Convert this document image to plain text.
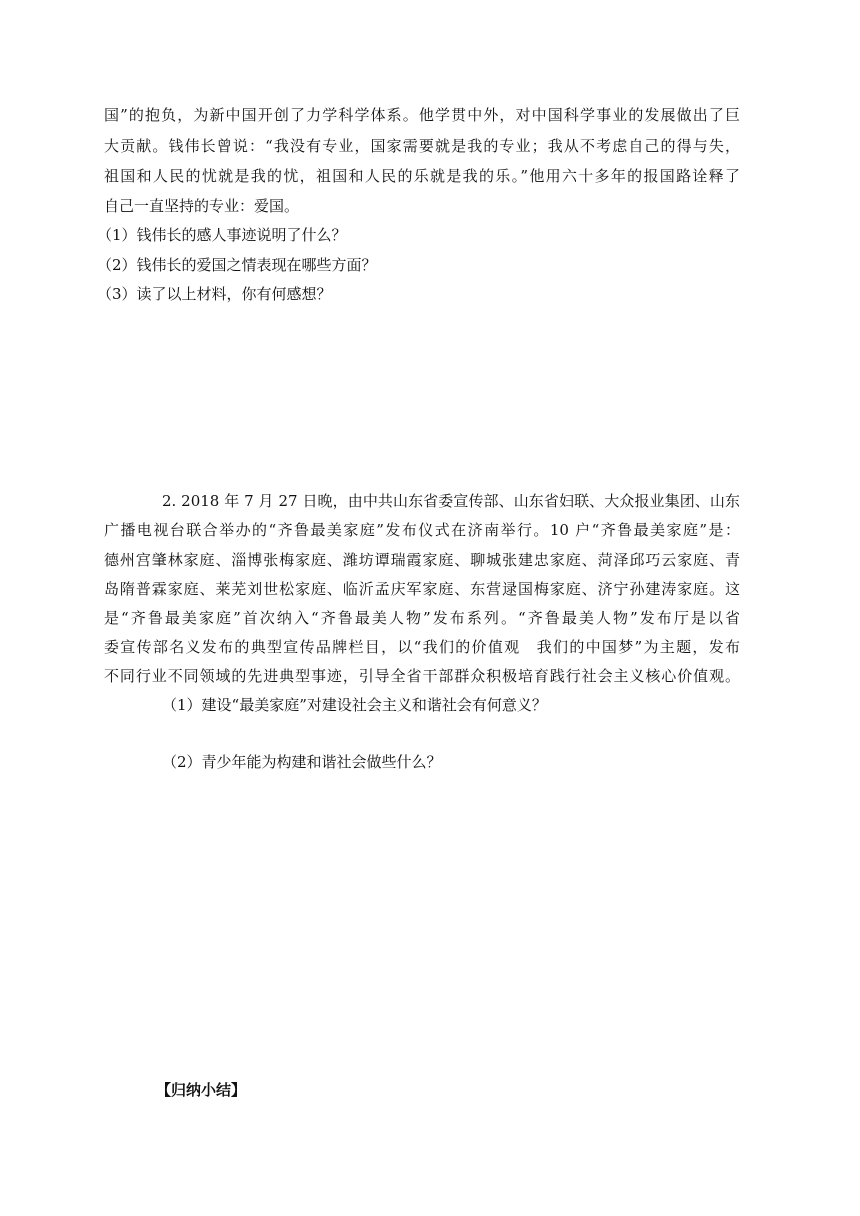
国”的抱负，为新中国开创了力学科学体系。他学贯中外，对中国科学事业的发展做出了巨
大贡献。钱伟长曾说：“我没有专业，国家需要就是我的专业；我从不考虑自己的得与失，
祖国和人民的忧就是我的忧，祖国和人民的乐就是我的乐。”他用六十多年的报国路诠释了
自己一直坚持的专业：爱国。
（1）钱伟长的感人事迹说明了什么？
（2）钱伟长的爱国之情表现在哪些方面？
（3）读了以上材料，你有何感想？
2. 2018 年 7 月 27 日晚，由中共山东省委宣传部、山东省妇联、大众报业集团、山东
广播电视台联合举办的“齐鲁最美家庭”发布仪式在济南举行。10 户“齐鲁最美家庭”是：
德州宫肇林家庭、淄博张梅家庭、潍坊谭瑞霞家庭、聊城张建忠家庭、菏泽邱巧云家庭、青
岛隋普霖家庭、莱芜刘世松家庭、临沂孟庆军家庭、东营逯国梅家庭、济宁孙建涛家庭。这
是“齐鲁最美家庭”首次纳入“齐鲁最美人物”发布系列。“齐鲁最美人物”发布厅是以省
委宣传部名义发布的典型宣传品牌栏目，以“我们的价值观　我们的中国梦”为主题，发布
不同行业不同领域的先进典型事迹，引导全省干部群众积极培育践行社会主义核心价值观。
（1）建设“最美家庭”对建设社会主义和谐社会有何意义？
（2）青少年能为构建和谐社会做些什么？
【归纳小结】
